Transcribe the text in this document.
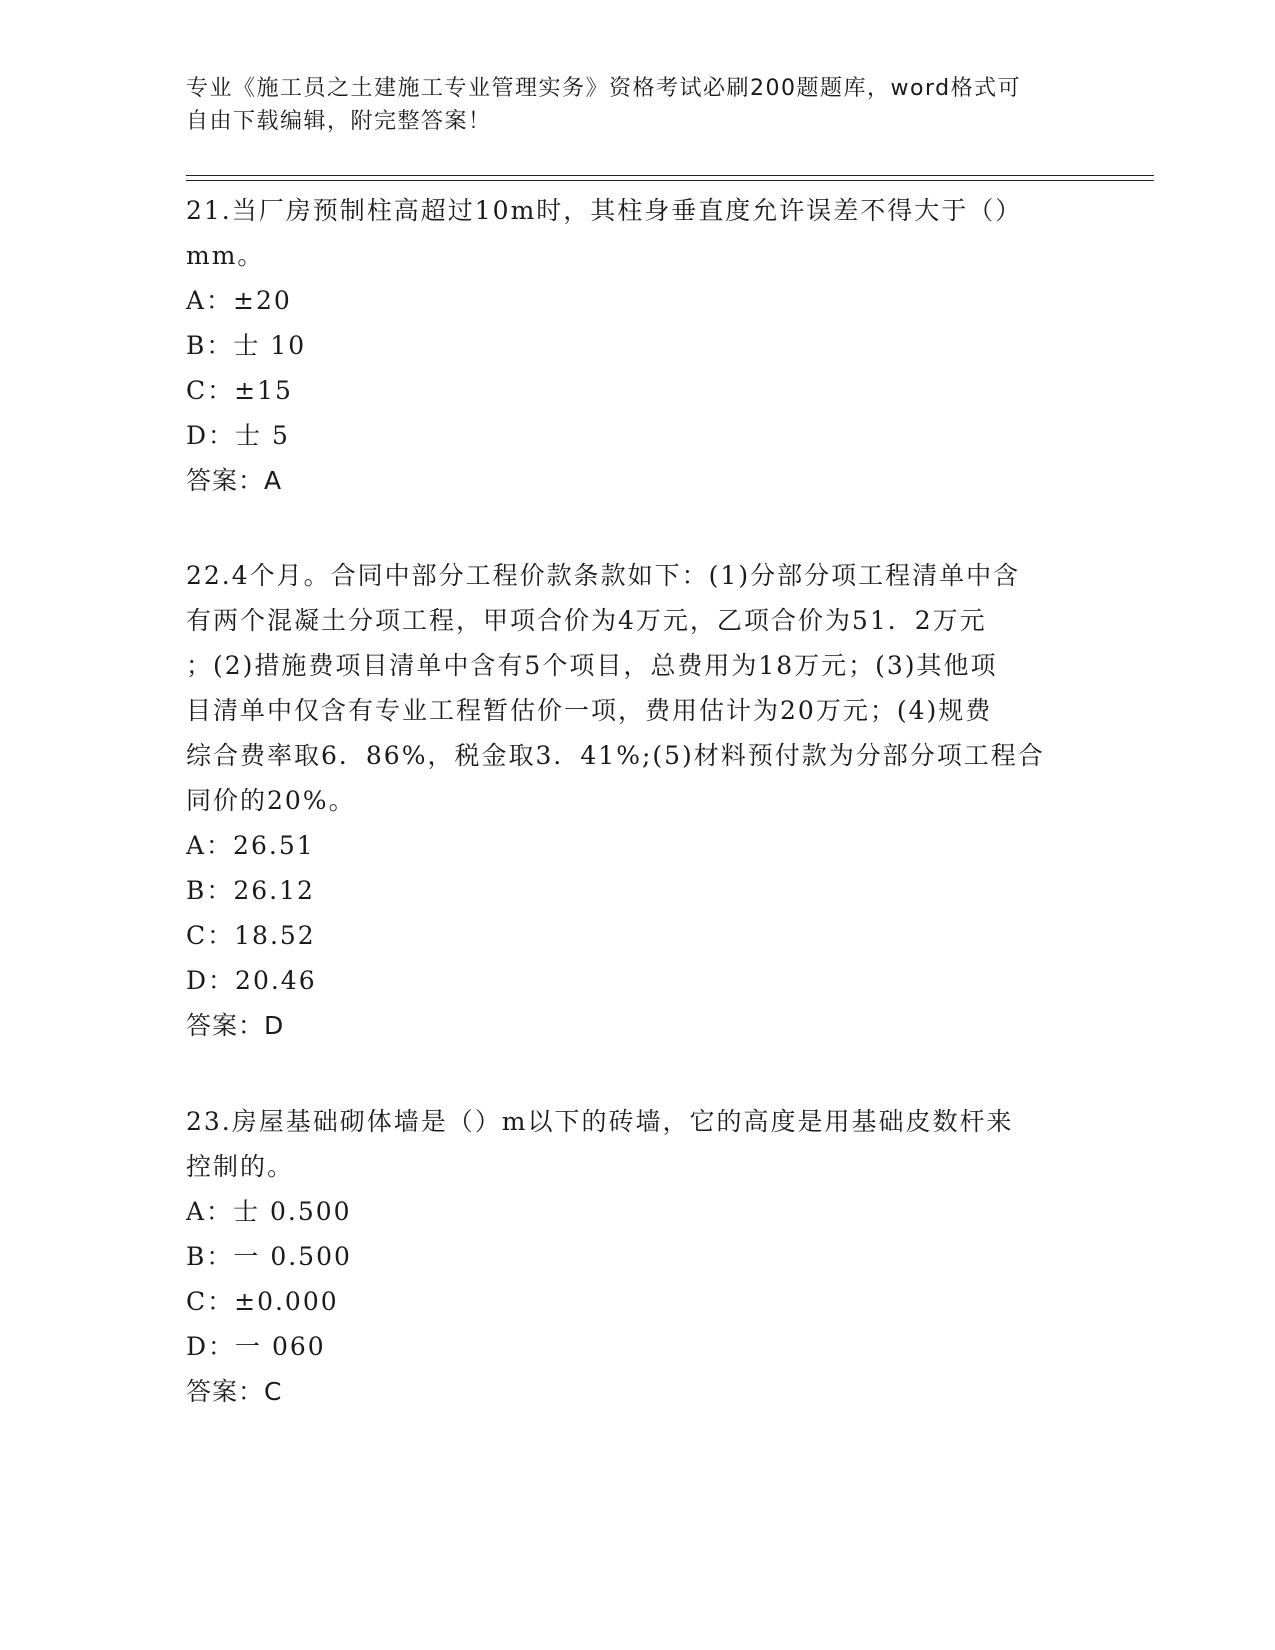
专业《施工员之土建施工专业管理实务》资格考试必刷200题题库，word格式可
自由下载编辑，附完整答案！
21.当厂房预制柱高超过10m时，其柱身垂直度允许误差不得大于（）
mm。
A：±20
B：士 10
C：±15
D：士 5
答案：A
22.4个月。合同中部分工程价款条款如下：(1)分部分项工程清单中含
有两个混凝土分项工程，甲项合价为4万元，乙项合价为51．2万元
；(2)措施费项目清单中含有5个项目，总费用为18万元；(3)其他项
目清单中仅含有专业工程暂估价一项，费用估计为20万元；(4)规费
综合费率取6．86%，税金取3．41%;(5)材料预付款为分部分项工程合
同价的20%。
A：26.51
B：26.12
C：18.52
D：20.46
答案：D
23.房屋基础砌体墙是（）m以下的砖墙，它的高度是用基础皮数杆来
控制的。
A：士 0.500
B：一 0.500
C：±0.000
D：一 060
答案：C
